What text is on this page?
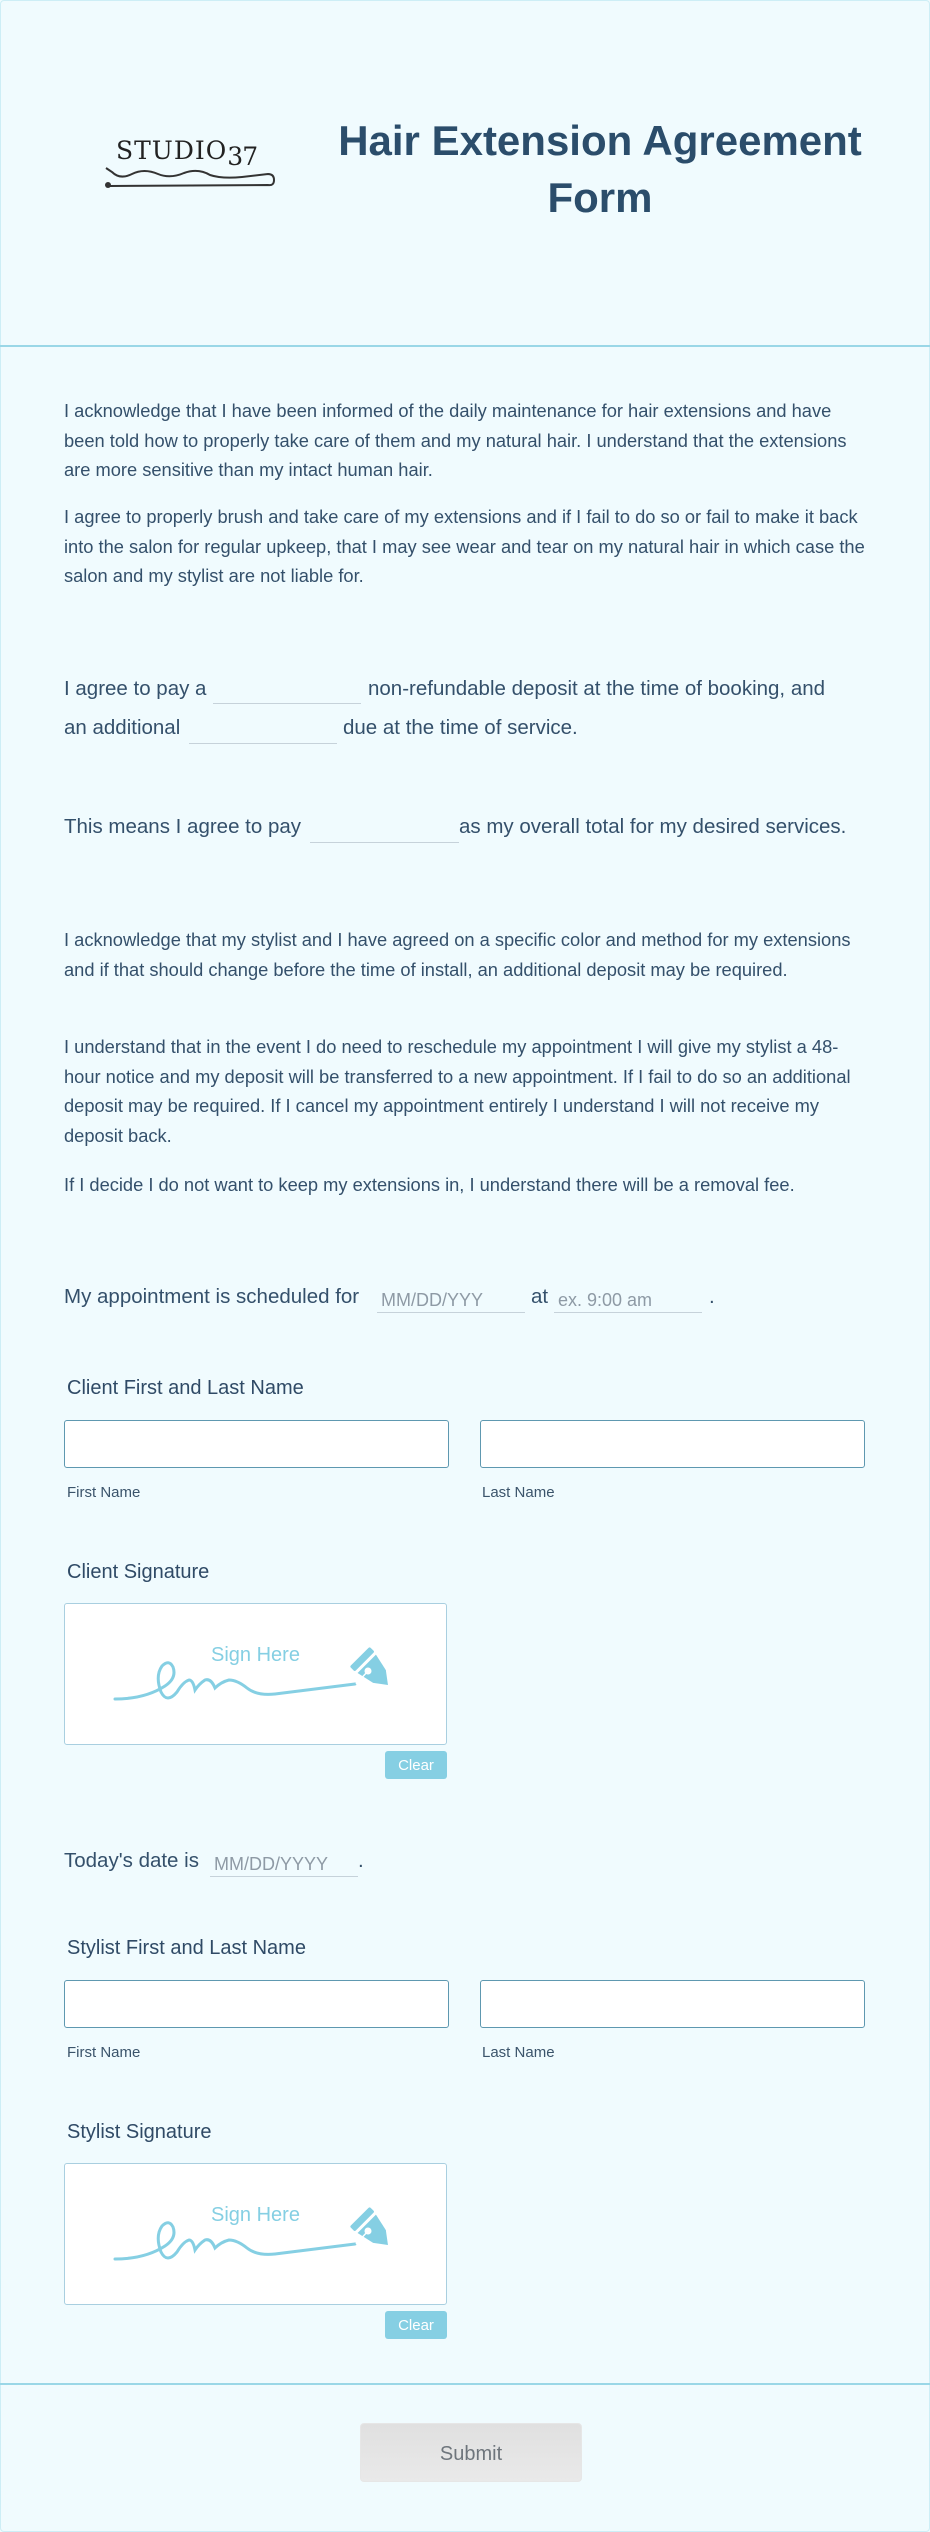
STUDIO37 Hair Extension Agreement Form
I acknowledge that I have been informed of the daily maintenance for hair extensions and have been told how to properly take care of them and my natural hair. I understand that the extensions are more sensitive than my intact human hair.
I agree to properly brush and take care of my extensions and if I fail to do so or fail to make it back into the salon for regular upkeep, that I may see wear and tear on my natural hair in which case the salon and my stylist are not liable for.
I agree to pay a	non-refundable deposit at the time of booking, and
an additional	due at the time of service.
This means I agree to pay	as my overall total for my desired services.
I acknowledge that my stylist and I have agreed on a specific color and method for my extensions and if that should change before the time of install, an additional deposit may be required.
I understand that in the event I do need to reschedule my appointment I will give my stylist a 48-hour notice and my deposit will be transferred to a new appointment. If I fail to do so an additional deposit may be required. If I cancel my appointment entirely I understand I will not receive my deposit back.
If I decide I do not want to keep my extensions in, I understand there will be a removal fee.
My appointment is scheduled for
MM/DD/YYY	at
ex. 9:00 am	.
Client First and Last Name
First Name	Last Name
Client Signature
Sign Here
Clear
Today's date is
MM/DD/YYYY	.
Stylist First and Last Name
First Name	Last Name
Stylist Signature
Sign Here
Clear
Submit
